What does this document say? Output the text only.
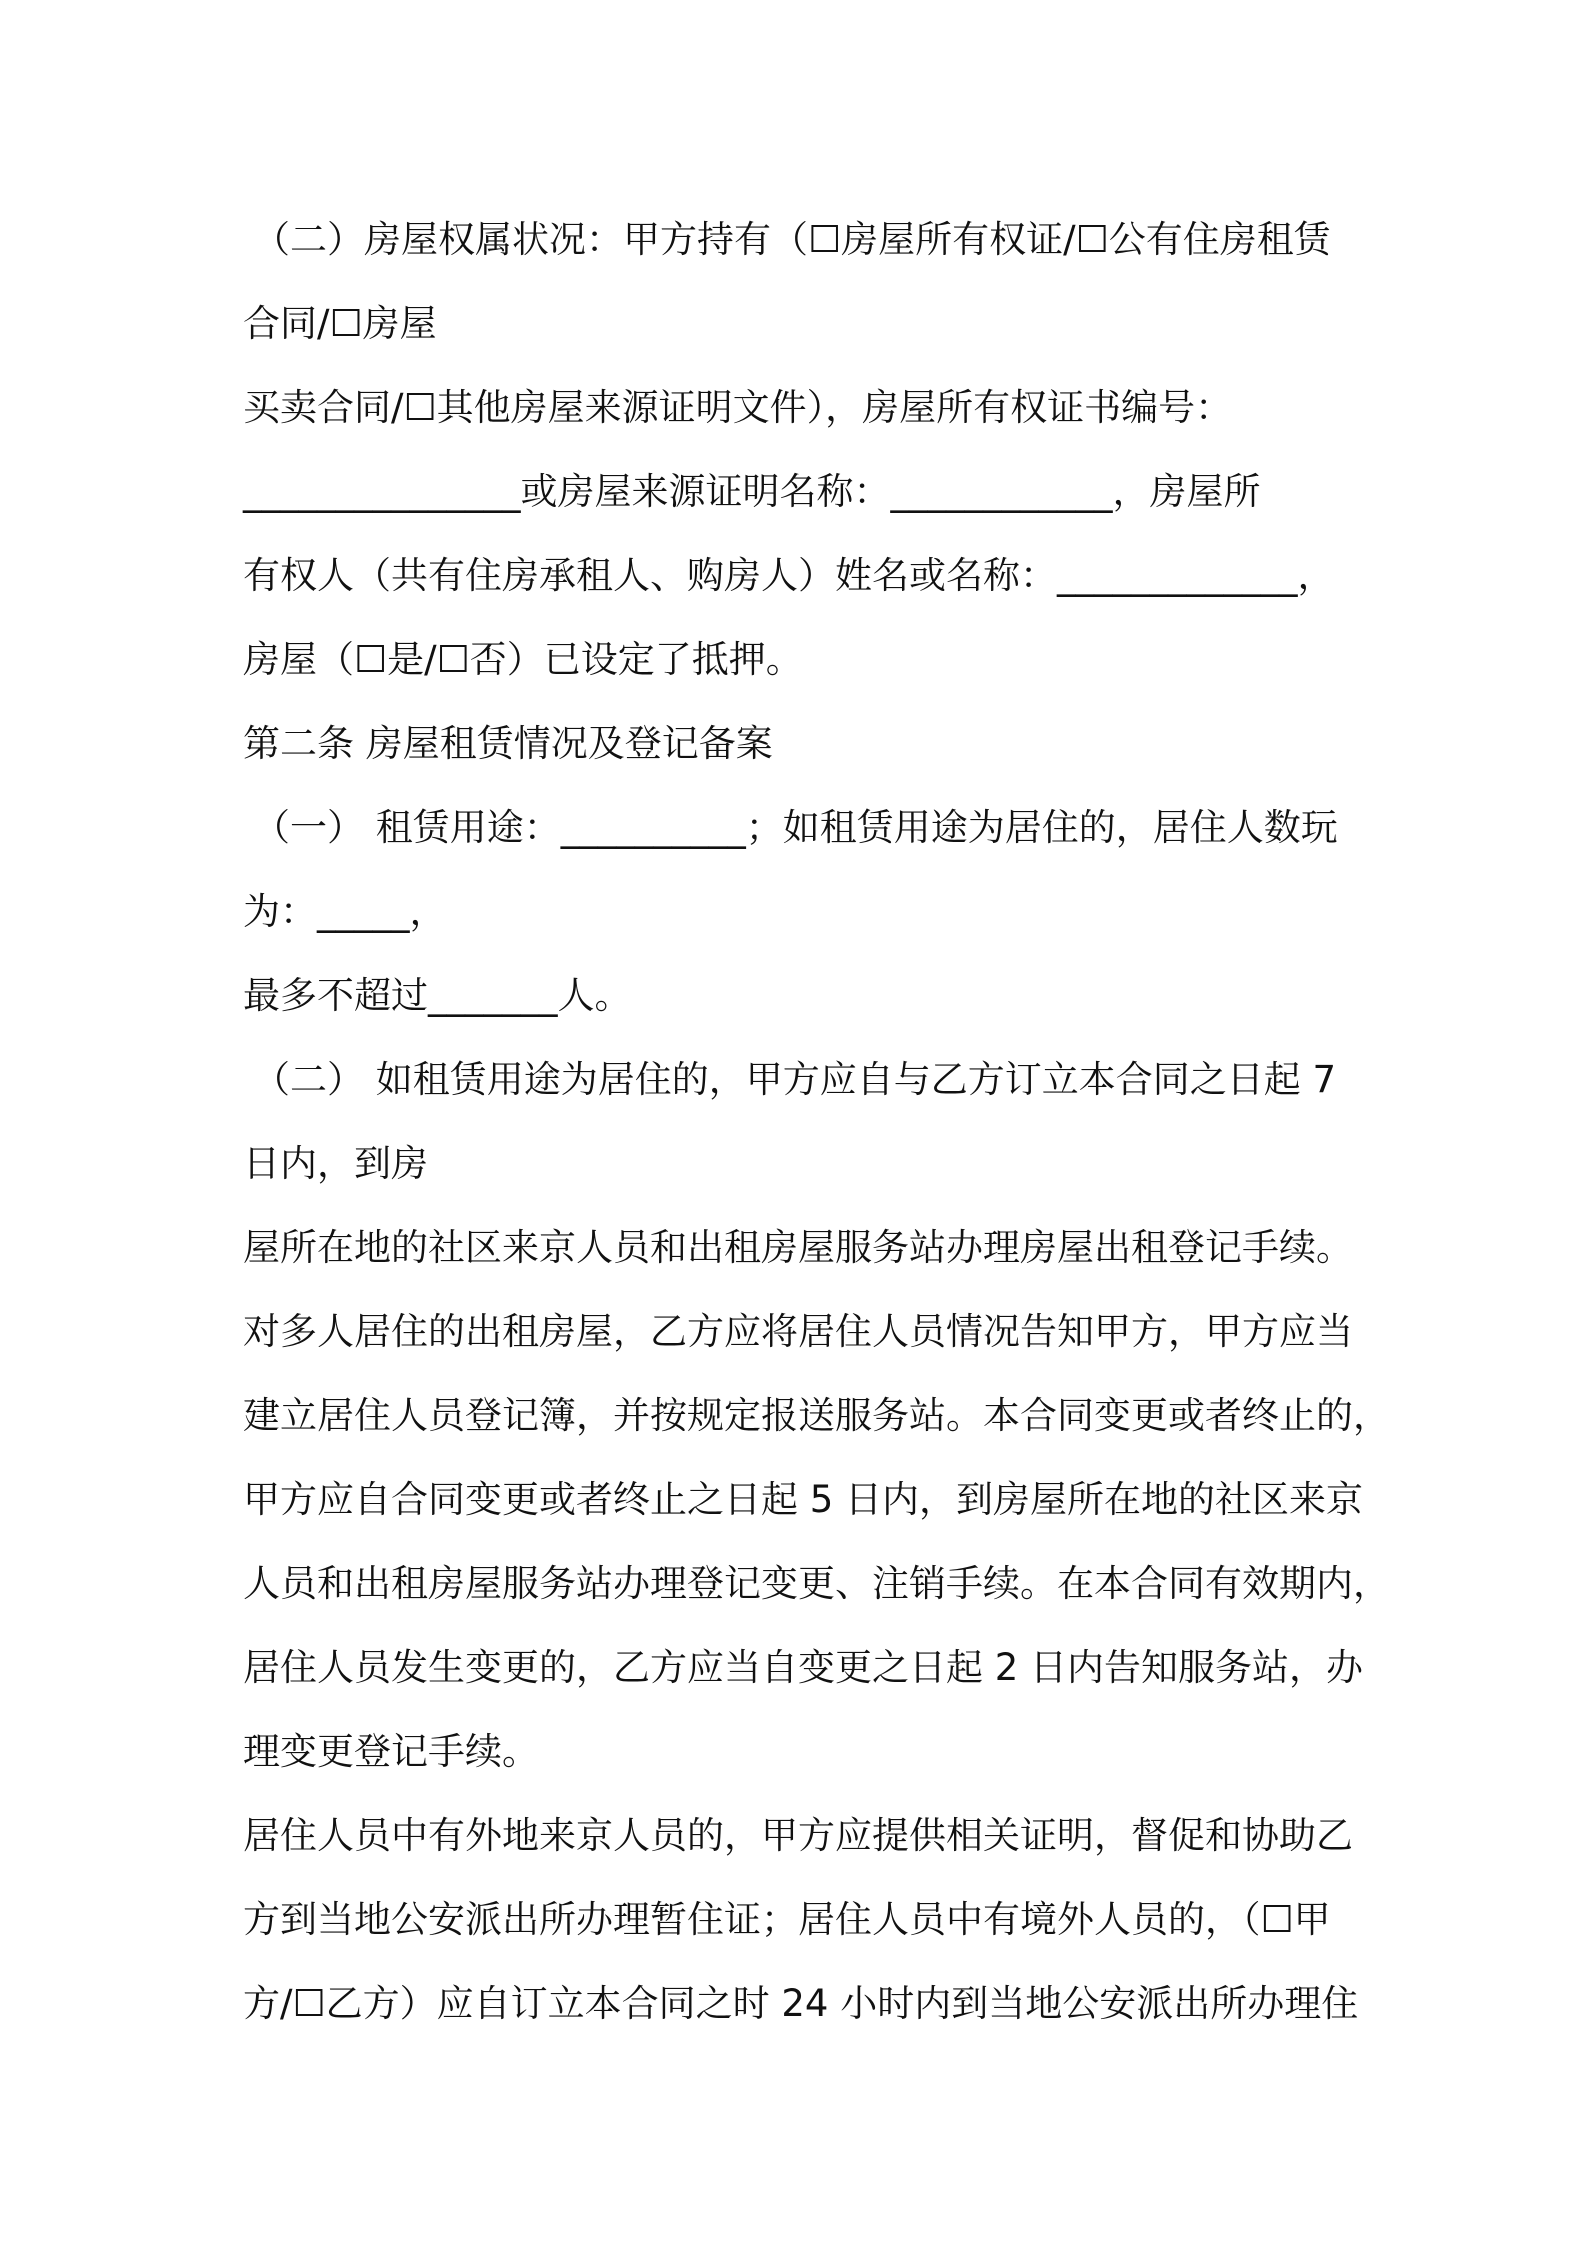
（二）房屋权属状况：甲方持有（☐房屋所有权证/☐公有住房租赁
合同/☐房屋
买卖合同/☐其他房屋来源证明文件），房屋所有权证书编号：
_______________或房屋来源证明名称：____________，房屋所
有权人（共有住房承租人、购房人）姓名或名称：_____________，
房屋（☐是/☐否）已设定了抵押。
第二条 房屋租赁情况及登记备案
（一） 租赁用途：__________；如租赁用途为居住的，居住人数玩
为：_____，
最多不超过_______人。
（二） 如租赁用途为居住的，甲方应自与乙方订立本合同之日起 7
日内，到房
屋所在地的社区来京人员和出租房屋服务站办理房屋出租登记手续。
对多人居住的出租房屋，乙方应将居住人员情况告知甲方，甲方应当
建立居住人员登记簿，并按规定报送服务站。本合同变更或者终止的，
甲方应自合同变更或者终止之日起 5 日内，到房屋所在地的社区来京
人员和出租房屋服务站办理登记变更、注销手续。在本合同有效期内，
居住人员发生变更的，乙方应当自变更之日起 2 日内告知服务站，办
理变更登记手续。
居住人员中有外地来京人员的，甲方应提供相关证明，督促和协助乙
方到当地公安派出所办理暂住证；居住人员中有境外人员的，（☐甲
方/☐乙方）应自订立本合同之时 24 小时内到当地公安派出所办理住
